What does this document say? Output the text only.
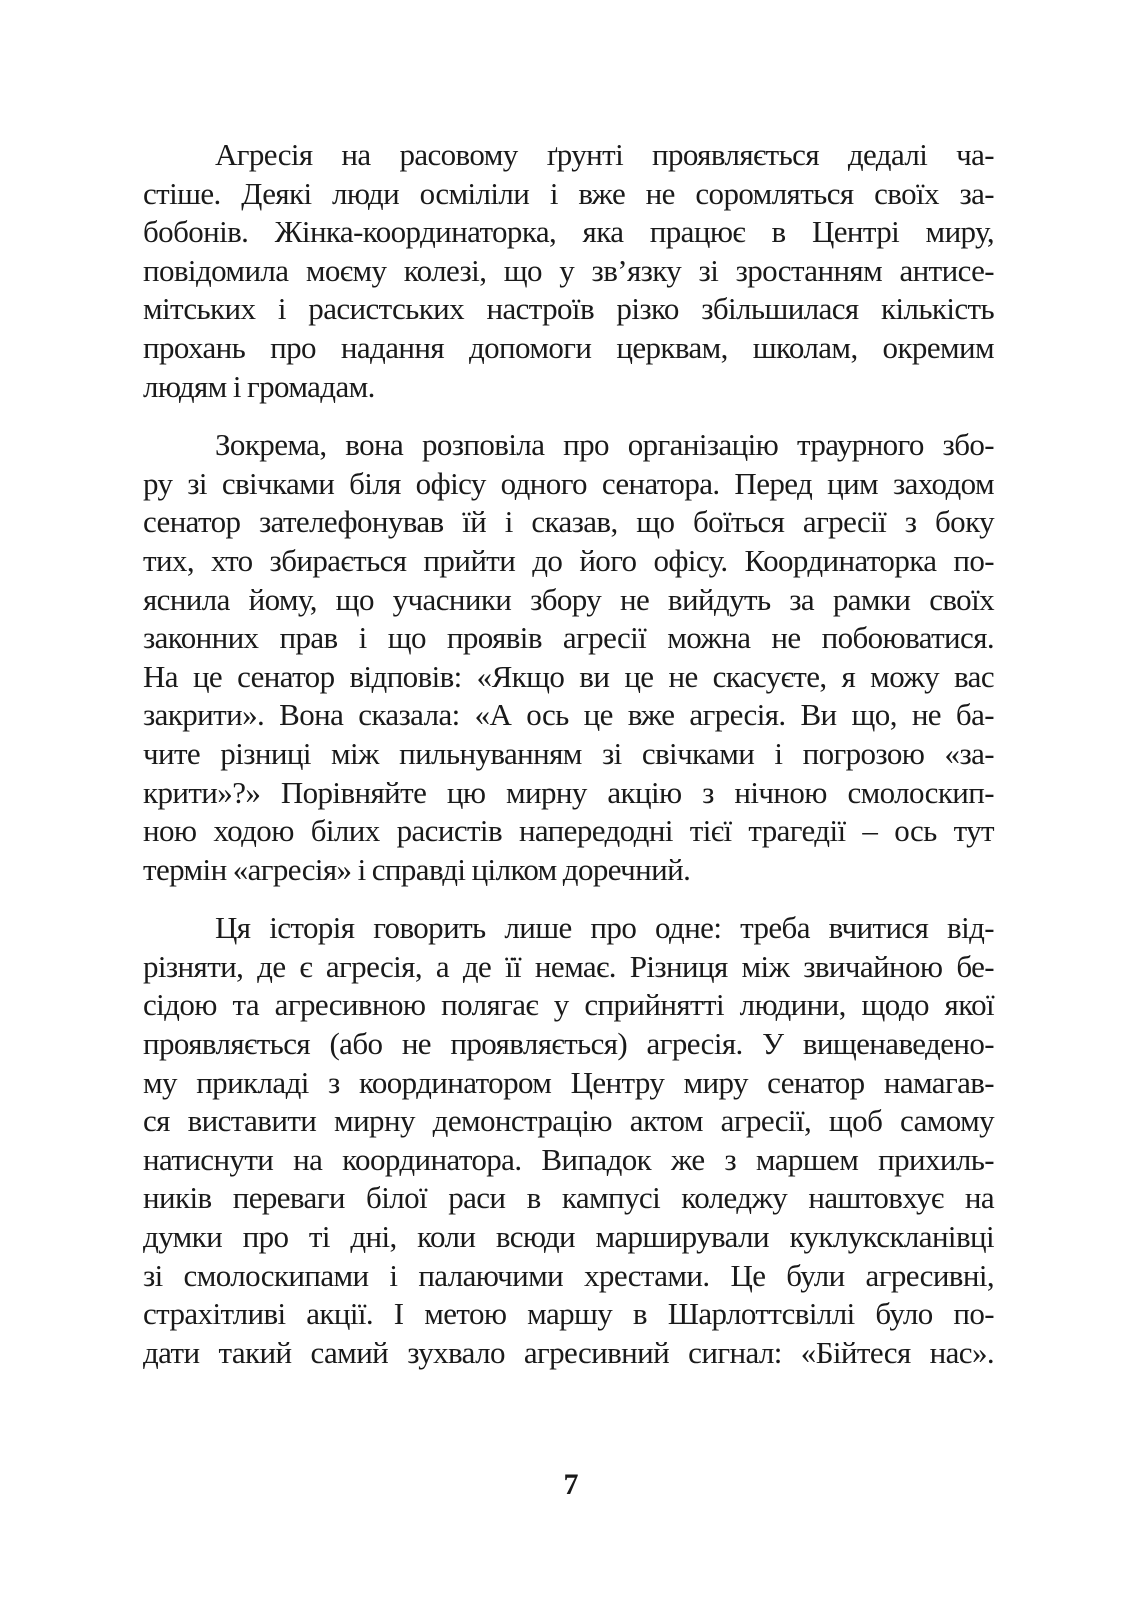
Агресія на расовому ґрунті проявляється дедалі ча-
стіше. Деякі люди осміліли і вже не соромляться своїх за-
бобонів. Жінка-координаторка, яка працює в Центрі миру,
повідомила моєму колезі, що у зв’язку зі зростанням антисе-
мітських і расистських настроїв різко збільшилася кількість
прохань про надання допомоги церквам, школам, окремим
людям і громадам.
Зокрема, вона розповіла про організацію траурного збо-
ру зі свічками біля офісу одного сенатора. Перед цим заходом
сенатор зателефонував їй і сказав, що боїться агресії з боку
тих, хто збирається прийти до його офісу. Координаторка по-
яснила йому, що учасники збору не вийдуть за рамки своїх
законних прав і що проявів агресії можна не побоюватися.
На це сенатор відповів: «Якщо ви це не скасуєте, я можу вас
закрити». Вона сказала: «А ось це вже агресія. Ви що, не ба-
чите різниці між пильнуванням зі свічками і погрозою «за-
крити»?» Порівняйте цю мирну акцію з нічною смолоскип-
ною ходою білих расистів напередодні тієї трагедії – ось тут
термін «агресія» і справді цілком доречний.
Ця історія говорить лише про одне: треба вчитися від-
різняти, де є агресія, а де її немає. Різниця між звичайною бе-
сідою та агресивною полягає у сприйнятті людини, щодо якої
проявляється (або не проявляється) агресія. У вищенаведено-
му прикладі з координатором Центру миру сенатор намагав-
ся виставити мирну демонстрацію актом агресії, щоб самому
натиснути на координатора. Випадок же з маршем прихиль-
ників переваги білої раси в кампусі коледжу наштовхує на
думки про ті дні, коли всюди марширували куклукскланівці
зі смолоскипами і палаючими хрестами. Це були агресивні,
страхітливі акції. І метою маршу в Шарлоттсвіллі було по-
дати такий самий зухвало агресивний сигнал: «Бійтеся нас».
7
